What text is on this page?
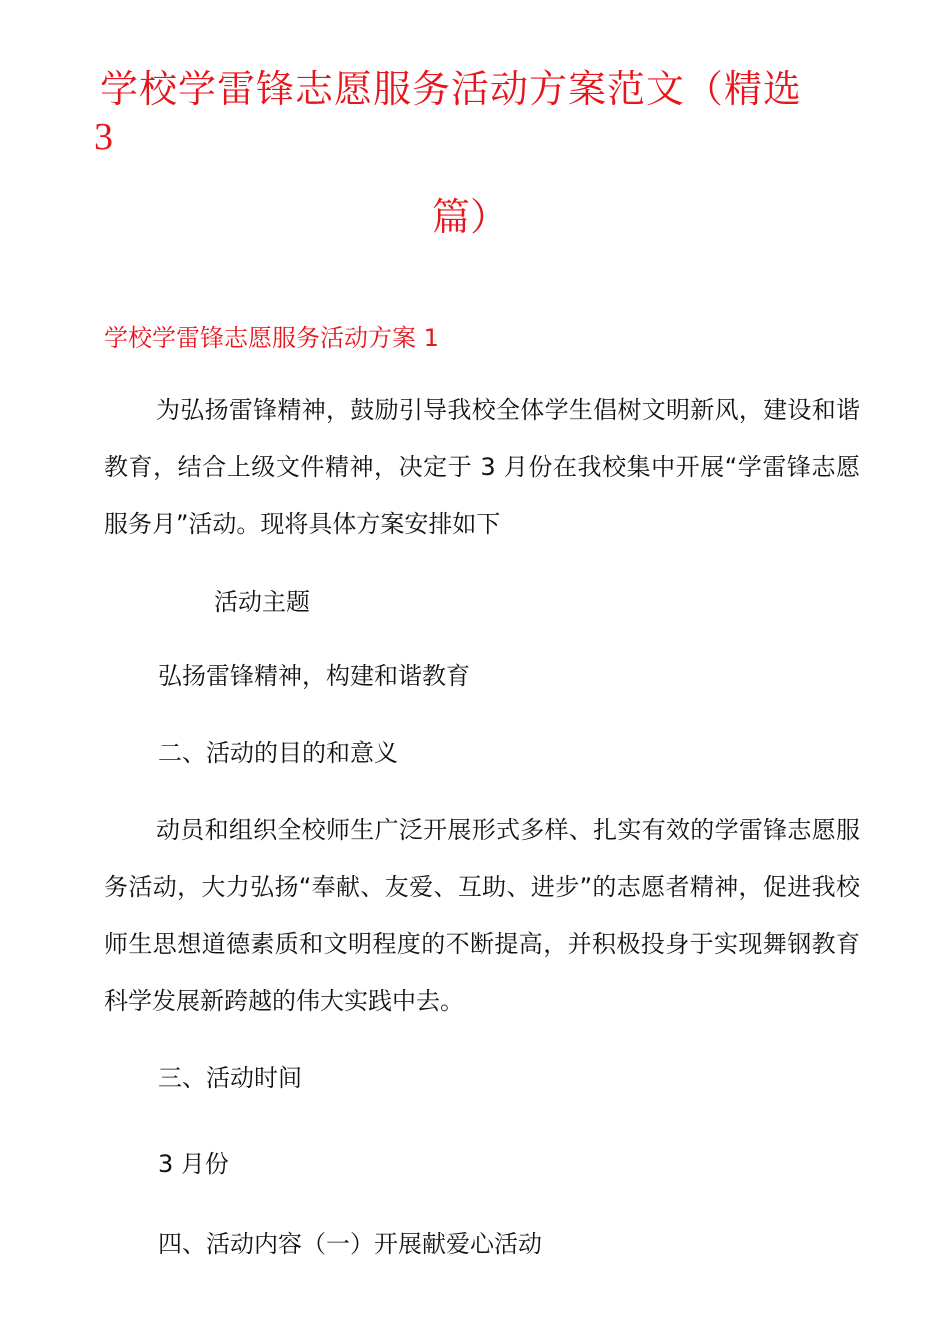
学校学雷锋志愿服务活动方案范文（精选
3
篇）
学校学雷锋志愿服务活动方案 1
为弘扬雷锋精神，鼓励引导我校全体学生倡树文明新风，建设和谐教育，结合上级文件精神，决定于 3 月份在我校集中开展“学雷锋志愿服务月”活动。现将具体方案安排如下
活动主题
弘扬雷锋精神，构建和谐教育
二、活动的目的和意义
动员和组织全校师生广泛开展形式多样、扎实有效的学雷锋志愿服务活动，大力弘扬“奉献、友爱、互助、进步”的志愿者精神，促进我校师生思想道德素质和文明程度的不断提高，并积极投身于实现舞钢教育科学发展新跨越的伟大实践中去。
三、活动时间
3 月份
四、活动内容（一）开展献爱心活动
